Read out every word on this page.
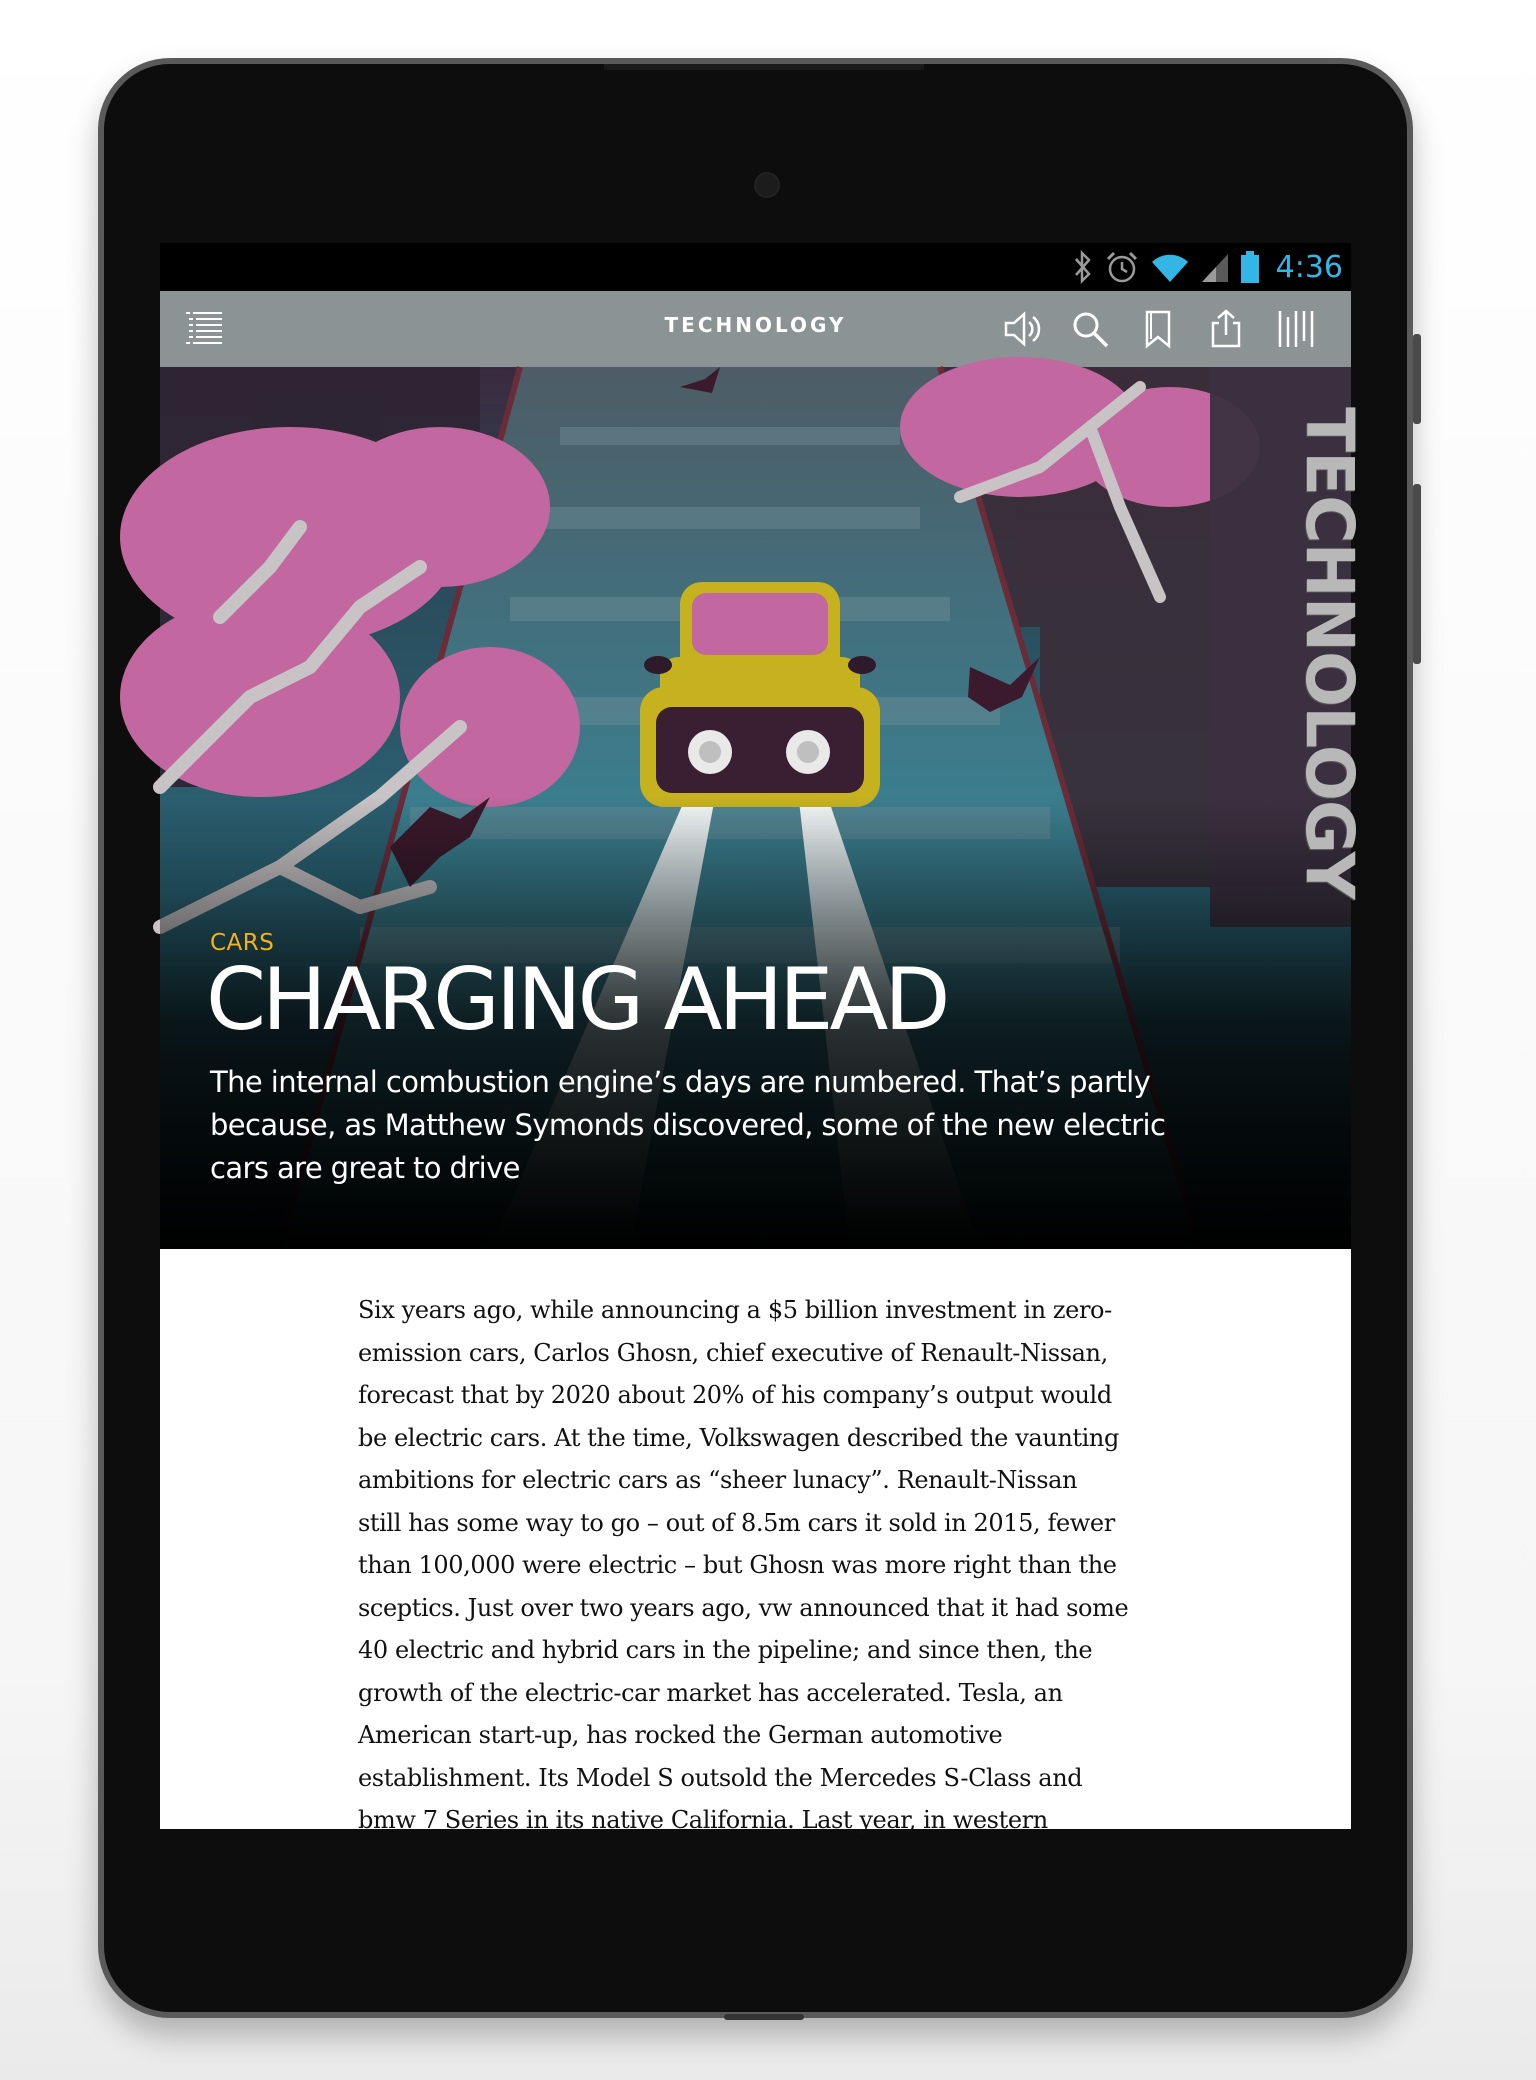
4:36
TECHNOLOGY
TECHNOLOGY
CARS
CHARGING AHEAD

The internal combustion engine’s days are numbered. That’s partly because, as Matthew Symonds discovered, some of the new electric cars are great to drive

Six years ago, while announcing a $5 billion investment in zero-
emission cars, Carlos Ghosn, chief executive of Renault-Nissan,
forecast that by 2020 about 20% of his company’s output would
be electric cars. At the time, Volkswagen described the vaunting
ambitions for electric cars as “sheer lunacy”. Renault-Nissan
still has some way to go – out of 8.5m cars it sold in 2015, fewer
than 100,000 were electric – but Ghosn was more right than the
sceptics. Just over two years ago, vw announced that it had some
40 electric and hybrid cars in the pipeline; and since then, the
growth of the electric-car market has accelerated. Tesla, an
American start-up, has rocked the German automotive
establishment. Its Model S outsold the Mercedes S-Class and
bmw 7 Series in its native California. Last year, in western
